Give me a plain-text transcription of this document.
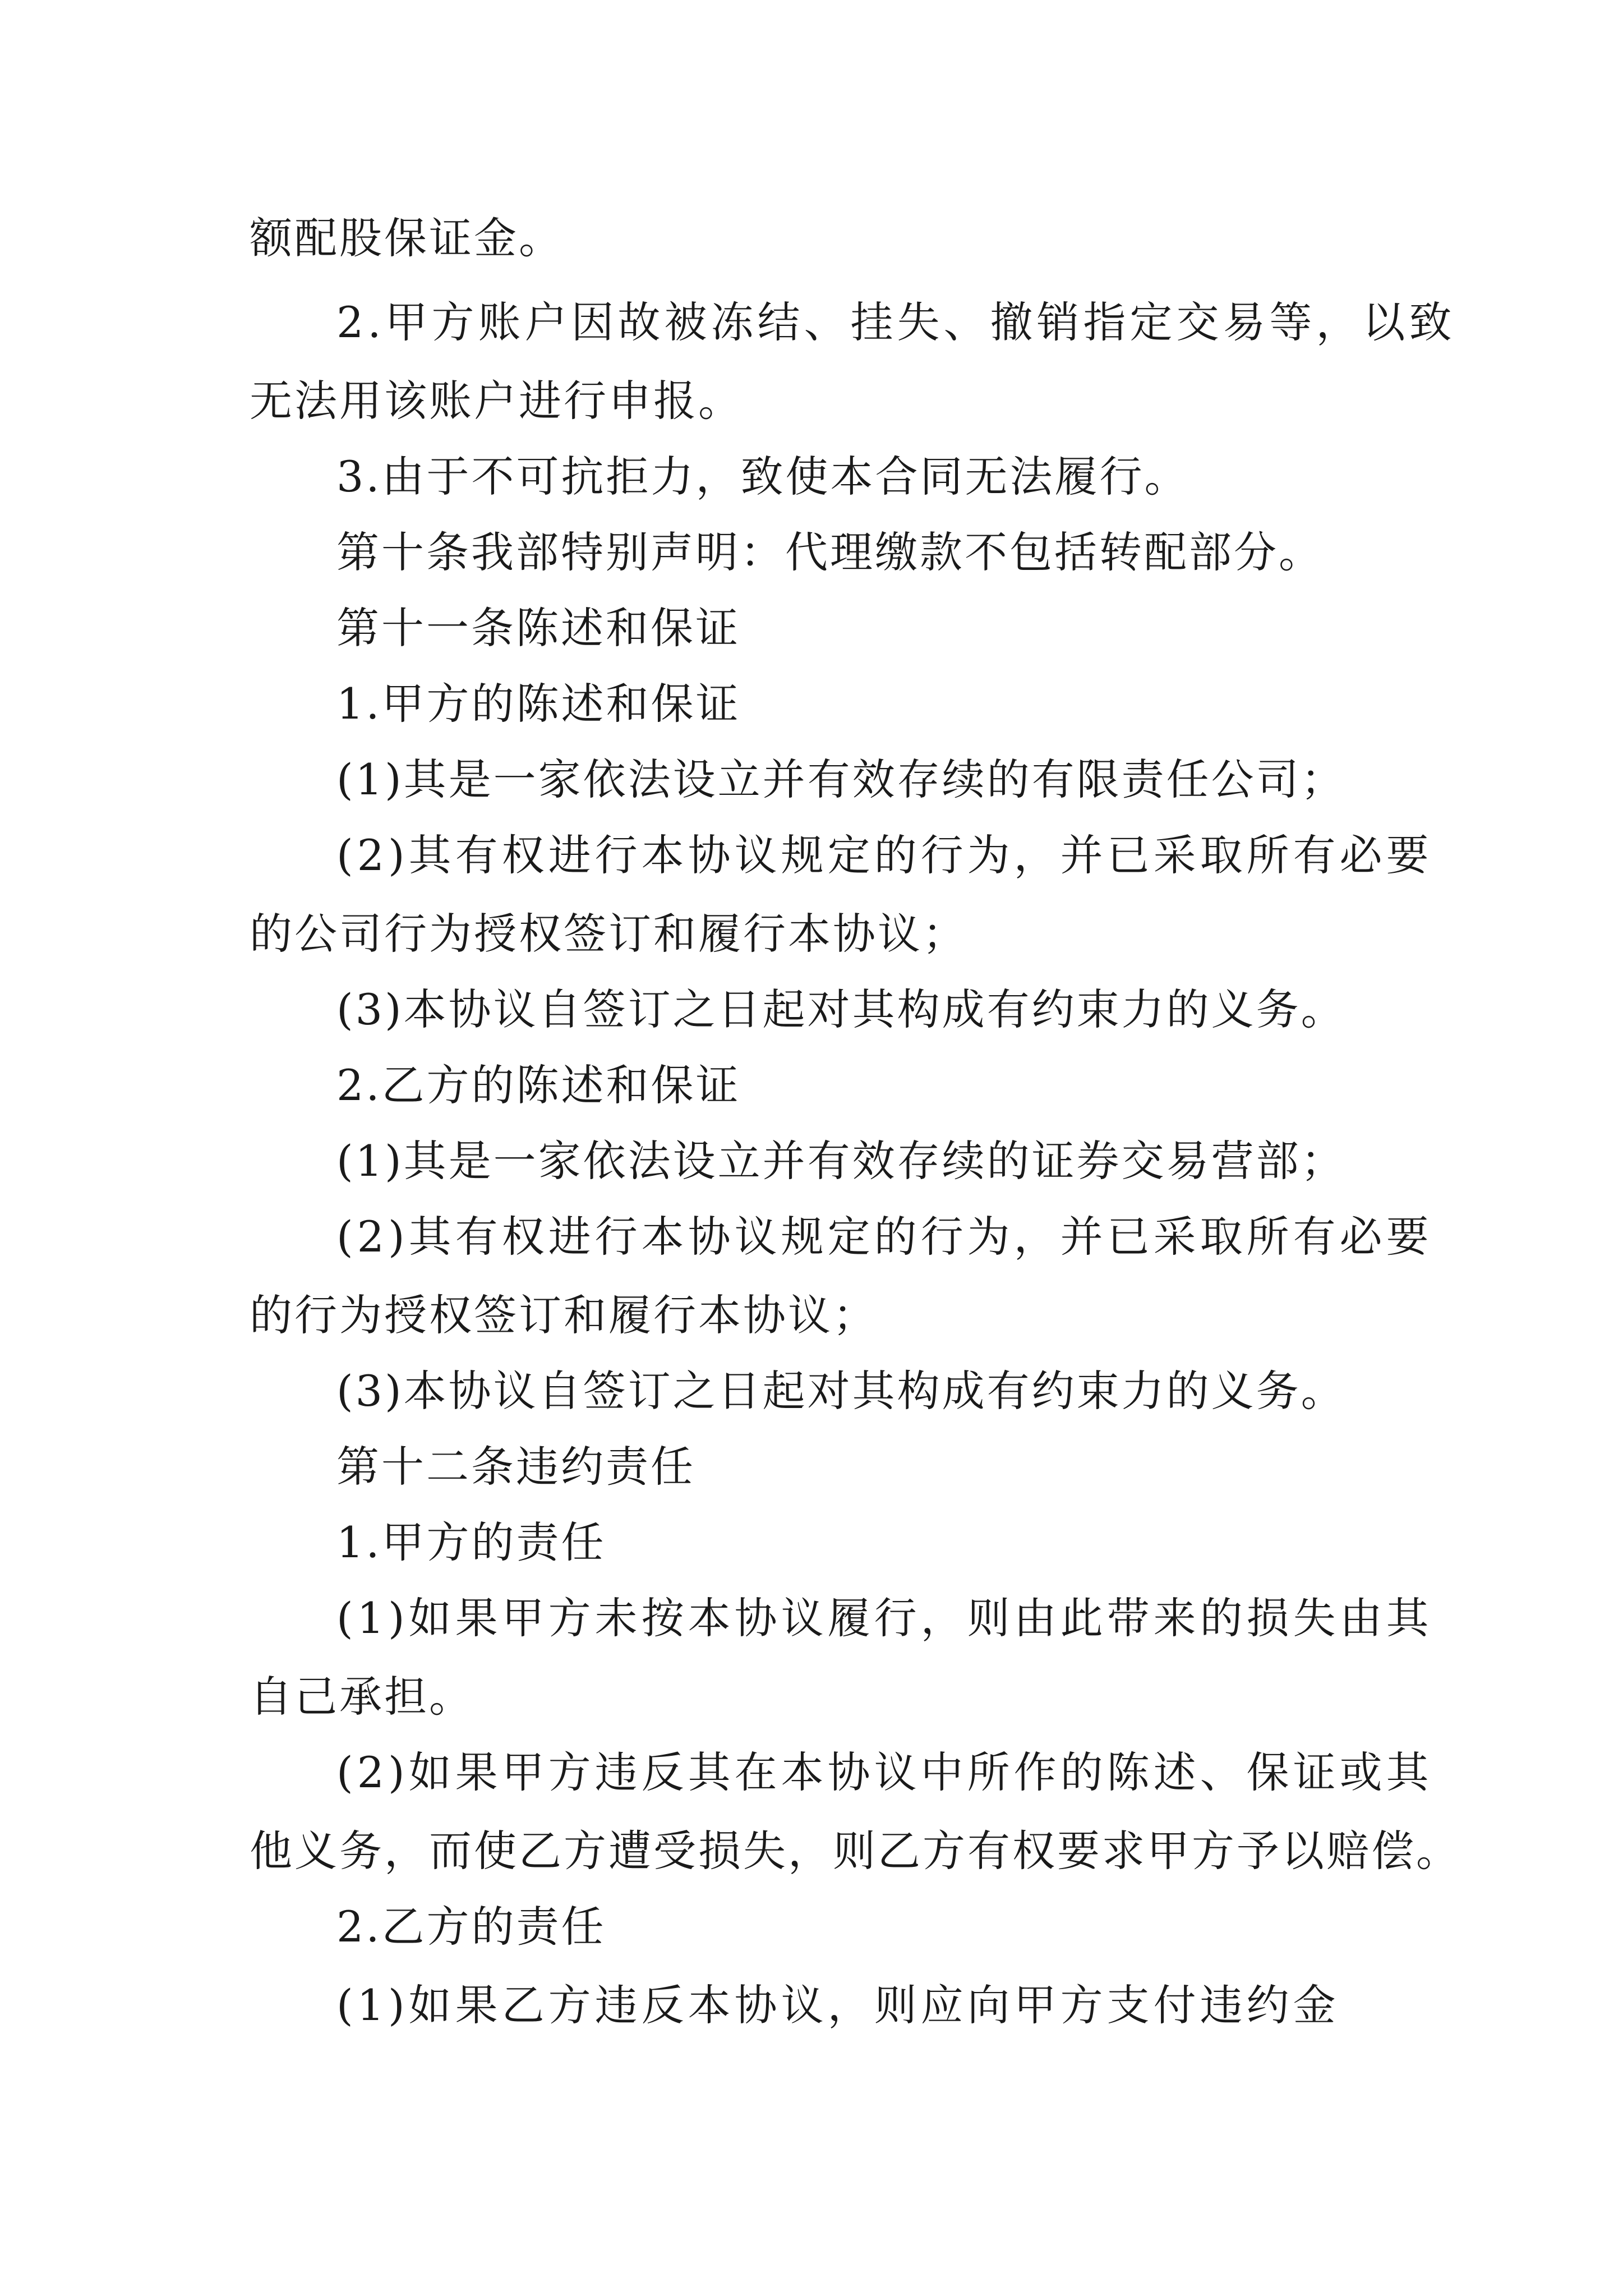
额配股保证金。
2.甲方账户因故被冻结、挂失、撤销指定交易等，以致
无法用该账户进行申报。
3.由于不可抗拒力，致使本合同无法履行。
第十条我部特别声明：代理缴款不包括转配部分。
第十一条陈述和保证
1.甲方的陈述和保证
(1)其是一家依法设立并有效存续的有限责任公司；
(2)其有权进行本协议规定的行为，并已采取所有必要
的公司行为授权签订和履行本协议；
(3)本协议自签订之日起对其构成有约束力的义务。
2.乙方的陈述和保证
(1)其是一家依法设立并有效存续的证券交易营部；
(2)其有权进行本协议规定的行为，并已采取所有必要
的行为授权签订和履行本协议；
(3)本协议自签订之日起对其构成有约束力的义务。
第十二条违约责任
1.甲方的责任
(1)如果甲方未按本协议履行，则由此带来的损失由其
自己承担。
(2)如果甲方违反其在本协议中所作的陈述、保证或其
他义务，而使乙方遭受损失，则乙方有权要求甲方予以赔偿。
2.乙方的责任
(1)如果乙方违反本协议，则应向甲方支付违约金
